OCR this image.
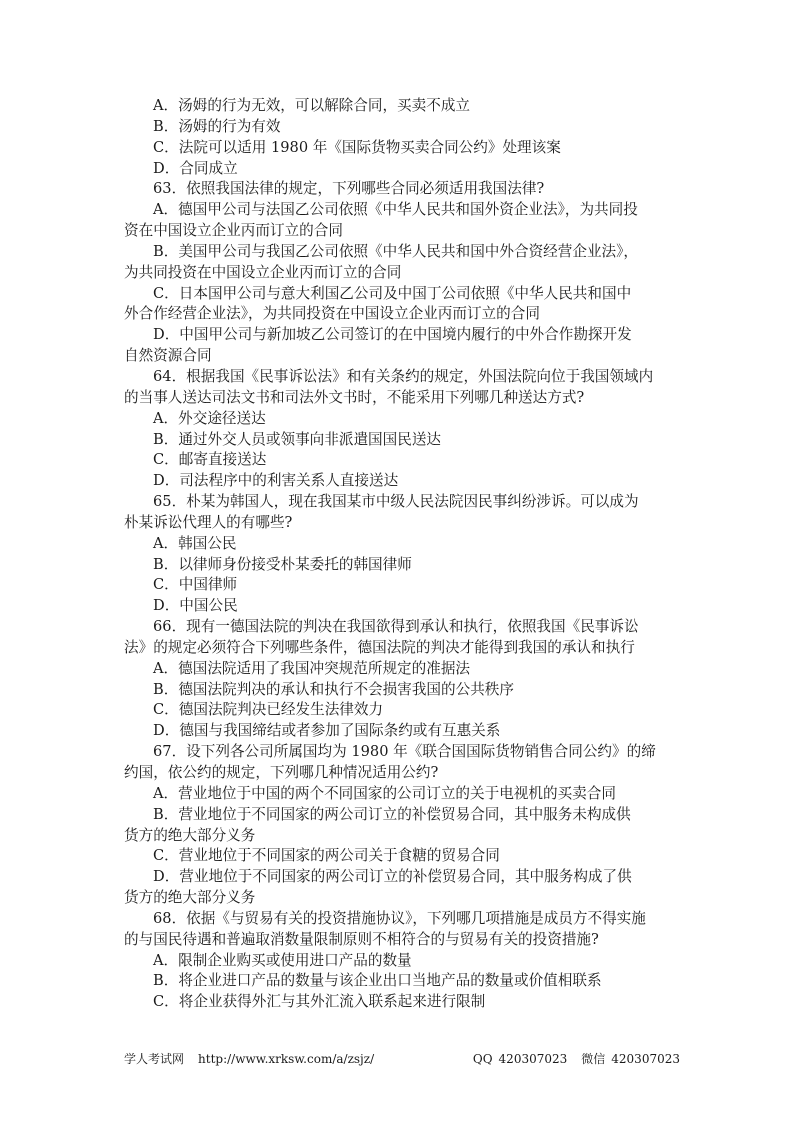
A．汤姆的行为无效，可以解除合同，买卖不成立
B．汤姆的行为有效
C．法院可以适用 1980 年《国际货物买卖合同公约》处理该案
D．合同成立
63．依照我国法律的规定，下列哪些合同必须适用我国法律?
A．德国甲公司与法国乙公司依照《中华人民共和国外资企业法》，为共同投
资在中国设立企业丙而订立的合同
B．美国甲公司与我国乙公司依照《中华人民共和国中外合资经营企业法》，
为共同投资在中国设立企业丙而订立的合同
C．日本国甲公司与意大利国乙公司及中国丁公司依照《中华人民共和国中
外合作经营企业法》，为共同投资在中国设立企业丙而订立的合同
D．中国甲公司与新加坡乙公司签订的在中国境内履行的中外合作勘探开发
自然资源合同
64．根据我国《民事诉讼法》和有关条约的规定，外国法院向位于我国领域内
的当事人送达司法文书和司法外文书时，不能采用下列哪几种送达方式?
A．外交途径送达
B．通过外交人员或领事向非派遣国国民送达
C．邮寄直接送达
D．司法程序中的利害关系人直接送达
65．朴某为韩国人，现在我国某市中级人民法院因民事纠纷涉诉。可以成为
朴某诉讼代理人的有哪些?
A．韩国公民
B．以律师身份接受朴某委托的韩国律师
C．中国律师
D．中国公民
66．现有一德国法院的判决在我国欲得到承认和执行，依照我国《民事诉讼
法》的规定必须符合下列哪些条件，德国法院的判决才能得到我国的承认和执行
A．德国法院适用了我国冲突规范所规定的准据法
B．德国法院判决的承认和执行不会损害我国的公共秩序
C．德国法院判决已经发生法律效力
D．德国与我国缔结或者参加了国际条约或有互惠关系
67．设下列各公司所属国均为 1980 年《联合国国际货物销售合同公约》的缔
约国，依公约的规定，下列哪几种情况适用公约?
A．营业地位于中国的两个不同国家的公司订立的关于电视机的买卖合同
B．营业地位于不同国家的两公司订立的补偿贸易合同，其中服务未构成供
货方的绝大部分义务
C．营业地位于不同国家的两公司关于食糖的贸易合同
D．营业地位于不同国家的两公司订立的补偿贸易合同，其中服务构成了供
货方的绝大部分义务
68．依据《与贸易有关的投资措施协议》，下列哪几项措施是成员方不得实施
的与国民待遇和普遍取消数量限制原则不相符合的与贸易有关的投资措施?
A．限制企业购买或使用进口产品的数量
B．将企业进口产品的数量与该企业出口当地产品的数量或价值相联系
C．将企业获得外汇与其外汇流入联系起来进行限制
学人考试网 http://www.xrksw.com/a/zsjz/	QQ 420307023 微信 420307023
